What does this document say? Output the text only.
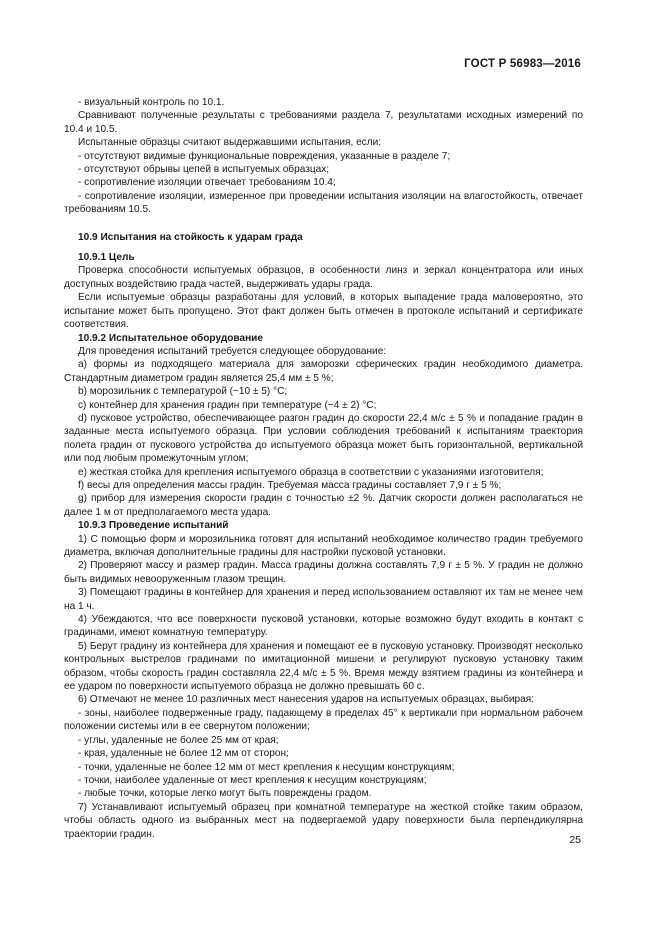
ГОСТ Р 56983—2016

- визуальный контроль по 10.1.

Сравнивают полученные результаты с требованиями раздела 7, результатами исходных измерений по 10.4 и 10.5.

Испытанные образцы считают выдержавшими испытания, если:

- отсутствуют видимые функциональные повреждения, указанные в разделе 7;

- отсутствуют обрывы цепей в испытуемых образцах;

- сопротивление изоляции отвечает требованиям 10.4;

- сопротивление изоляции, измеренное при проведении испытания изоляции на влагостойкость, отвечает требованиям 10.5.

10.9 Испытания на стойкость к ударам града

10.9.1 Цель

Проверка способности испытуемых образцов, в особенности линз и зеркал концентратора или иных доступных воздействию града частей, выдерживать удары града.

Если испытуемые образцы разработаны для условий, в которых выпадение града маловероятно, это испытание может быть пропущено. Этот факт должен быть отмечен в протоколе испытаний и сертификате соответствия.

10.9.2 Испытательное оборудование

Для проведения испытаний требуется следующее оборудование:

а) формы из подходящего материала для заморозки сферических градин необходимого диаметра. Стандартным диаметром градин является 25,4 мм ± 5 %;

b) морозильник с температурой (−10 ± 5) °С;

c) контейнер для хранения градин при температуре (−4 ± 2) °С;

d) пусковое устройство, обеспечивающее разгон градин до скорости 22,4 м/с ± 5 % и попадание градин в заданные места испытуемого образца. При условии соблюдения требований к испытаниям траектория полета градин от пускового устройства до испытуемого образца может быть горизонтальной, вертикальной или под любым промежуточным углом;

e) жесткая стойка для крепления испытуемого образца в соответствии с указаниями изготовителя;

f) весы для определения массы градин. Требуемая масса градины составляет 7,9 г ± 5 %;

g) прибор для измерения скорости градин с точностью ±2 %. Датчик скорости должен располагаться не далее 1 м от предполагаемого места удара.

10.9.3 Проведение испытаний

1) С помощью форм и морозильника готовят для испытаний необходимое количество градин требуемого диаметра, включая дополнительные градины для настройки пусковой установки.

2) Проверяют массу и размер градин. Масса градины должна составлять 7,9 г ± 5 %. У градин не должно быть видимых невооруженным глазом трещин.

3) Помещают градины в контейнер для хранения и перед использованием оставляют их там не менее чем на 1 ч.

4) Убеждаются, что все поверхности пусковой установки, которые возможно будут входить в контакт с градинами, имеют комнатную температуру.

5) Берут градину из контейнера для хранения и помещают ее в пусковую установку. Производят несколько контрольных выстрелов градинами по имитационной мишени и регулируют пусковую установку таким образом, чтобы скорость градин составляла 22,4 м/с ± 5 %. Время между взятием градины из контейнера и ее ударом по поверхности испытуемого образца не должно превышать 60 с.

6) Отмечают не менее 10 различных мест нанесения ударов на испытуемых образцах, выбирая:

- зоны, наиболее подверженные граду, падающему в пределах 45° к вертикали при нормальном рабочем положении системы или в ее свернутом положении;

- углы, удаленные не более 25 мм от края;

- края, удаленные не более 12 мм от сторон;

- точки, удаленные не более 12 мм от мест крепления к несущим конструкциям;

- точки, наиболее удаленные от мест крепления к несущим конструкциям;

- любые точки, которые легко могут быть повреждены градом.

7) Устанавливают испытуемый образец при комнатной температуре на жесткой стойке таким образом, чтобы область одного из выбранных мест на подвергаемой удару поверхности была перпендикулярна траектории градин.	25
